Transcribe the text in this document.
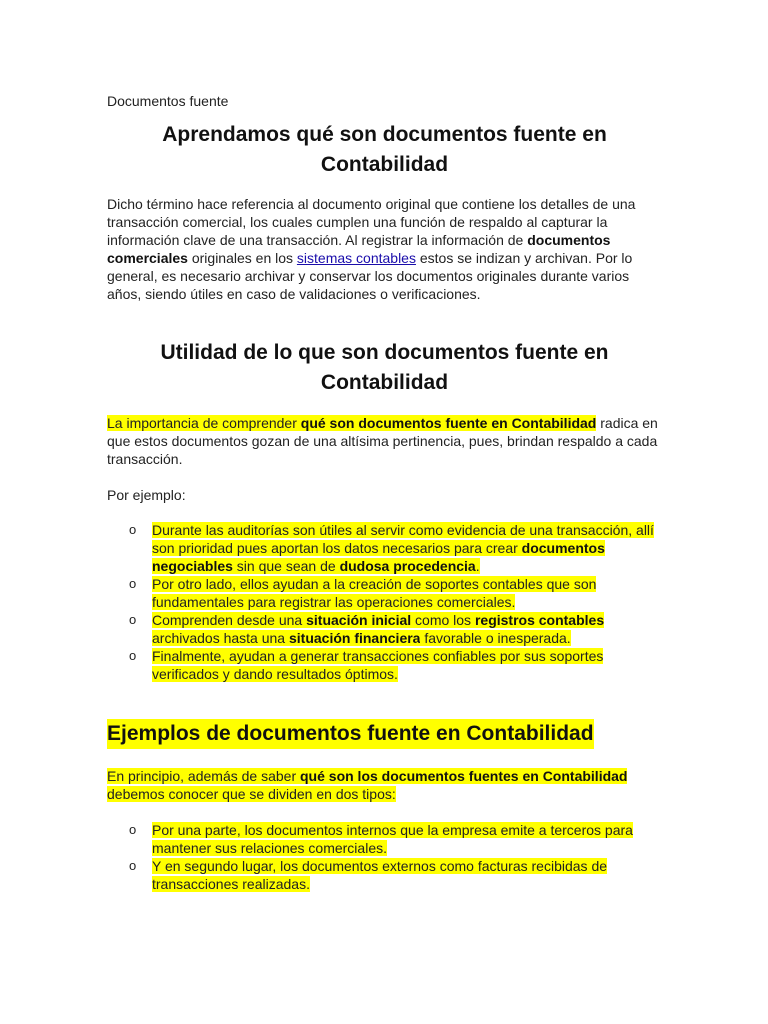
Documentos fuente
Aprendamos qué son documentos fuente en Contabilidad

Dicho término hace referencia al documento original que contiene los detalles de una transacción comercial, los cuales cumplen una función de respaldo al capturar la información clave de una transacción. Al registrar la información de documentos comerciales originales en los sistemas contables estos se indizan y archivan. Por lo general, es necesario archivar y conservar los documentos originales durante varios años, siendo útiles en caso de validaciones o verificaciones.

Utilidad de lo que son documentos fuente en Contabilidad

La importancia de comprender qué son documentos fuente en Contabilidad radica en que estos documentos gozan de una altísima pertinencia, pues, brindan respaldo a cada transacción.

Por ejemplo:

o Durante las auditorías son útiles al servir como evidencia de una transacción, allí son prioridad pues aportan los datos necesarios para crear documentos negociables sin que sean de dudosa procedencia.
o Por otro lado, ellos ayudan a la creación de soportes contables que son fundamentales para registrar las operaciones comerciales.
o Comprenden desde una situación inicial como los registros contables archivados hasta una situación financiera favorable o inesperada.
o Finalmente, ayudan a generar transacciones confiables por sus soportes verificados y dando resultados óptimos.
Ejemplos de documentos fuente en Contabilidad

En principio, además de saber qué son los documentos fuentes en Contabilidad debemos conocer que se dividen en dos tipos:

o Por una parte, los documentos internos que la empresa emite a terceros para mantener sus relaciones comerciales.
o Y en segundo lugar, los documentos externos como facturas recibidas de transacciones realizadas.
